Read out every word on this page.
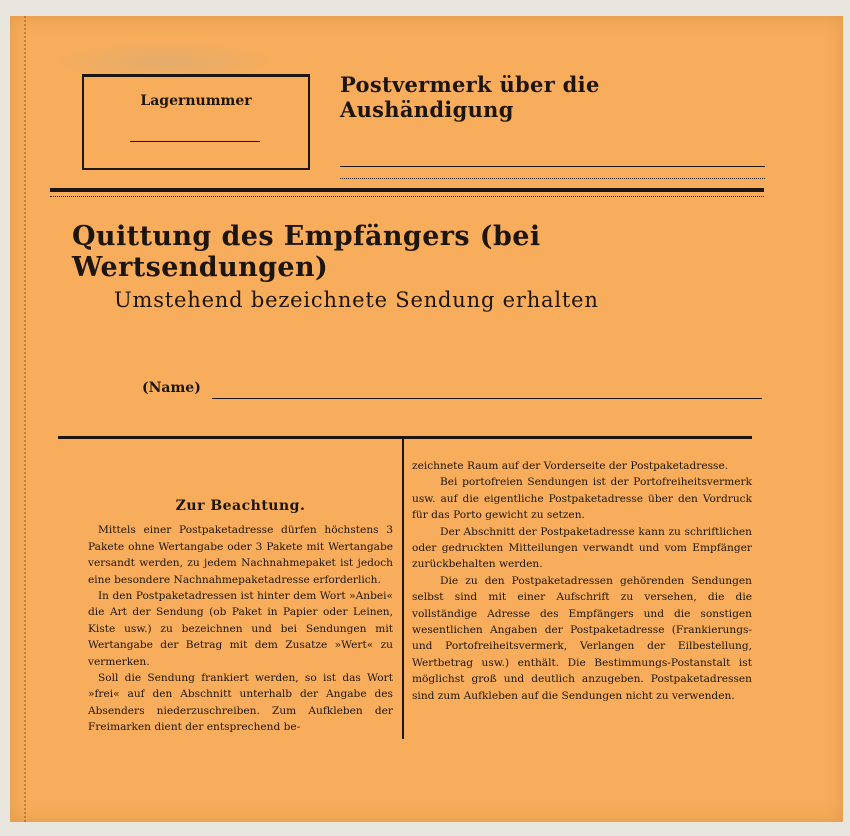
Lagernummer
Postvermerk über die Aushändigung
Quittung des Empfängers (bei Wertsendungen)
Umstehend bezeichnete Sendung erhalten
(Name)
Zur Beachtung.

Mittels einer Postpaketadresse dürfen höchstens 3 Pakete ohne Wertangabe oder 3 Pakete mit Wertangabe versandt werden, zu jedem Nachnahmepaket ist jedoch eine besondere Nachnahmepaketadresse erforderlich.

In den Postpaketadressen ist hinter dem Wort »Anbei« die Art der Sendung (ob Paket in Papier oder Leinen, Kiste usw.) zu bezeichnen und bei Sendungen mit Wertangabe der Betrag mit dem Zusatze »Wert« zu vermerken.

Soll die Sendung frankiert werden, so ist das Wort »frei« auf den Abschnitt unterhalb der Angabe des Absenders niederzuschreiben. Zum Aufkleben der Freimarken dient der entsprechend be-

zeichnete Raum auf der Vorderseite der Postpaketadresse.

Bei portofreien Sendungen ist der Portofreiheitsvermerk usw. auf die eigentliche Postpaketadresse über den Vordruck für das Porto gewicht zu setzen.

Der Abschnitt der Postpaketadresse kann zu schriftlichen oder gedruckten Mitteilungen verwandt und vom Empfänger zurückbehalten werden.

Die zu den Postpaketadressen gehörenden Sendungen selbst sind mit einer Aufschrift zu versehen, die die vollständige Adresse des Empfängers und die sonstigen wesentlichen Angaben der Postpaketadresse (Frankierungs- und Portofreiheitsvermerk, Verlangen der Eilbestellung, Wertbetrag usw.) enthält. Die Bestimmungs-Postanstalt ist möglichst groß und deutlich anzugeben. Postpaketadressen sind zum Aufkleben auf die Sendungen nicht zu verwenden.
